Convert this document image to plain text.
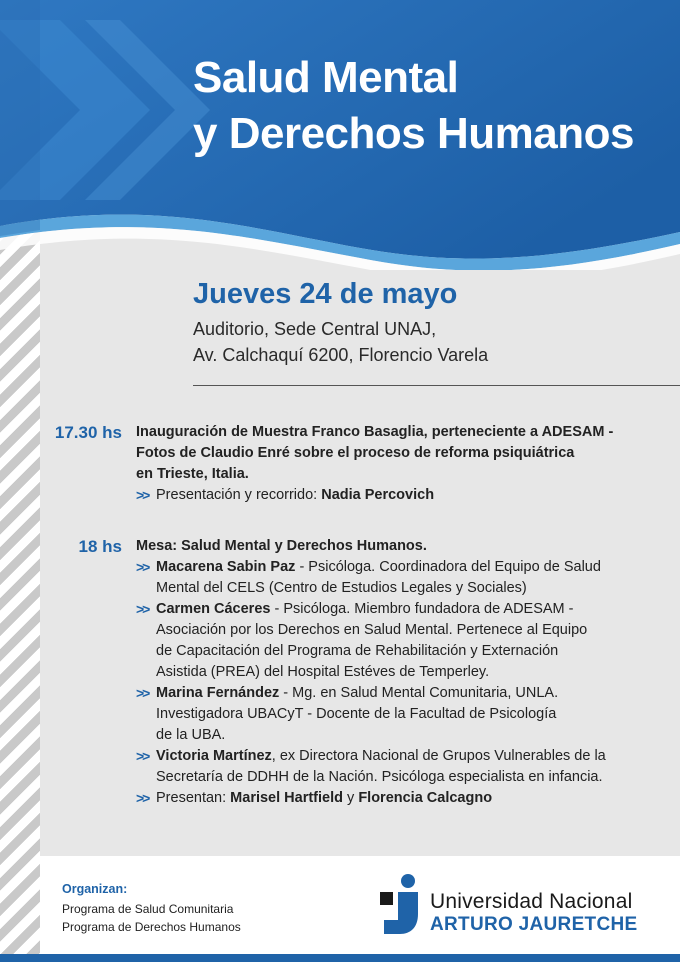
Salud Mental
y Derechos Humanos

Jueves 24 de mayo

Auditorio, Sede Central UNAJ,

Av. Calchaquí 6200, Florencio Varela

17.30 hs Inauguración de Muestra Franco Basaglia, perteneciente a ADESAM -
Fotos de Claudio Enré sobre el proceso de reforma psiquiátrica
en Trieste, Italia.
>> Presentación y recorrido: Nadia Percovich
18 hs Mesa: Salud Mental y Derechos Humanos.
>> Macarena Sabin Paz - Psicóloga. Coordinadora del Equipo de Salud
Mental del CELS (Centro de Estudios Legales y Sociales)
>> Carmen Cáceres - Psicóloga. Miembro fundadora de ADESAM -
Asociación por los Derechos en Salud Mental. Pertenece al Equipo
de Capacitación del Programa de Rehabilitación y Externación
Asistida (PREA) del Hospital Estéves de Temperley.
>> Marina Fernández - Mg. en Salud Mental Comunitaria, UNLA.
Investigadora UBACyT - Docente de la Facultad de Psicología
de la UBA.
>> Victoria Martínez, ex Directora Nacional de Grupos Vulnerables de la
Secretaría de DDHH de la Nación. Psicóloga especialista en infancia.
>> Presentan: Marisel Hartfield y Florencia Calcagno
Organizan:
Programa de Salud Comunitaria
Programa de Derechos Humanos
Universidad Nacional
ARTURO JAURETCHE
